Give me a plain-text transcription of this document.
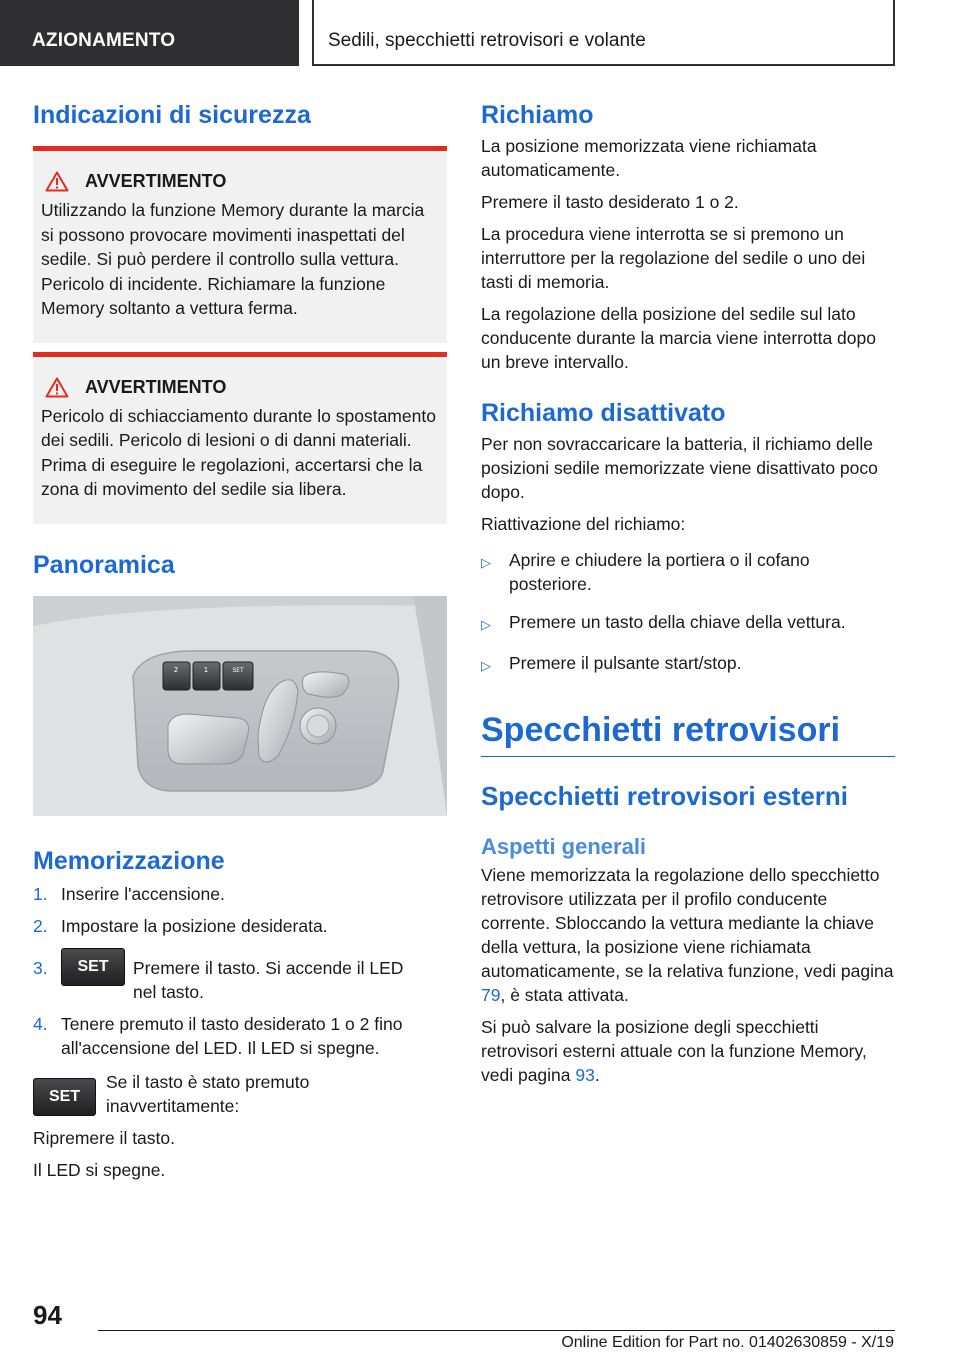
AZIONAMENTO	Sedili, specchietti retrovisori e volante
Indicazioni di sicurezza
AVVERTIMENTO

Utilizzando la funzione Memory durante la marcia si possono provocare movimenti inaspettati del sedile. Si può perdere il controllo sulla vettura. Pericolo di incidente. Richiamare la funzione Memory soltanto a vettura ferma.

AVVERTIMENTO

Pericolo di schiacciamento durante lo spostamento dei sedili. Pericolo di lesioni o di danni materiali. Prima di eseguire le regolazioni, accertarsi che la zona di movimento del sedile sia libera.

Panoramica
2	1	SET
Memorizzazione
1. Inserire l'accensione.
2. Impostare la posizione desiderata.
3.	SET	Premere il tasto. Si accende il LED nel tasto.
4. Tenere premuto il tasto desiderato 1 o 2 fino all'accensione del LED. Il LED si spegne.
SET

Se il tasto è stato premuto inavvertitamente:

Ripremere il tasto.

Il LED si spegne.

Richiamo

La posizione memorizzata viene richiamata automaticamente.

Premere il tasto desiderato 1 o 2.

La procedura viene interrotta se si premono un interruttore per la regolazione del sedile o uno dei tasti di memoria.

La regolazione della posizione del sedile sul lato conducente durante la marcia viene interrotta dopo un breve intervallo.

Richiamo disattivato

Per non sovraccaricare la batteria, il richiamo delle posizioni sedile memorizzate viene disattivato poco dopo.

Riattivazione del richiamo:

▷	Aprire e chiudere la portiera o il cofano posteriore.
▷	Premere un tasto della chiave della vettura.
▷	Premere il pulsante start/stop.
Specchietti retrovisori
Specchietti retrovisori esterni
Aspetti generali

Viene memorizzata la regolazione dello specchietto retrovisore utilizzata per il profilo conducente corrente. Sbloccando la vettura mediante la chiave della vettura, la posizione viene richiamata automaticamente, se la relativa funzione, vedi pagina 79, è stata attivata.

Si può salvare la posizione degli specchietti retrovisori esterni attuale con la funzione Memory, vedi pagina 93.

94
Online Edition for Part no. 01402630859 - X/19
